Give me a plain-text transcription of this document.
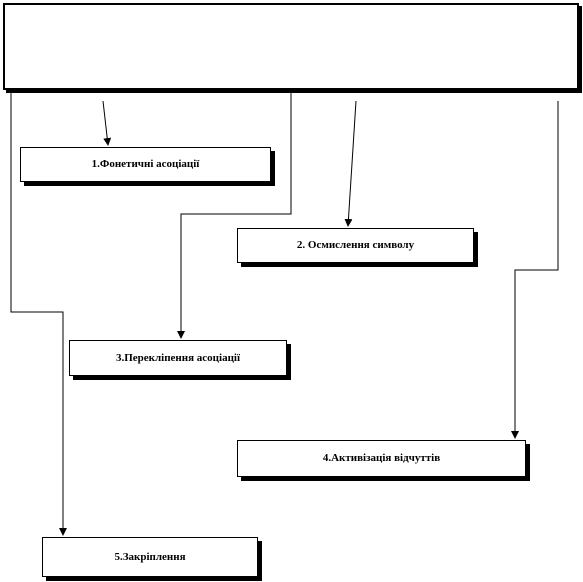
1.Фонетичні асоціації
2. Осмислення символу
3.Перекліпення асоціації
4.Активізація відчуттів
5.Закріплення
